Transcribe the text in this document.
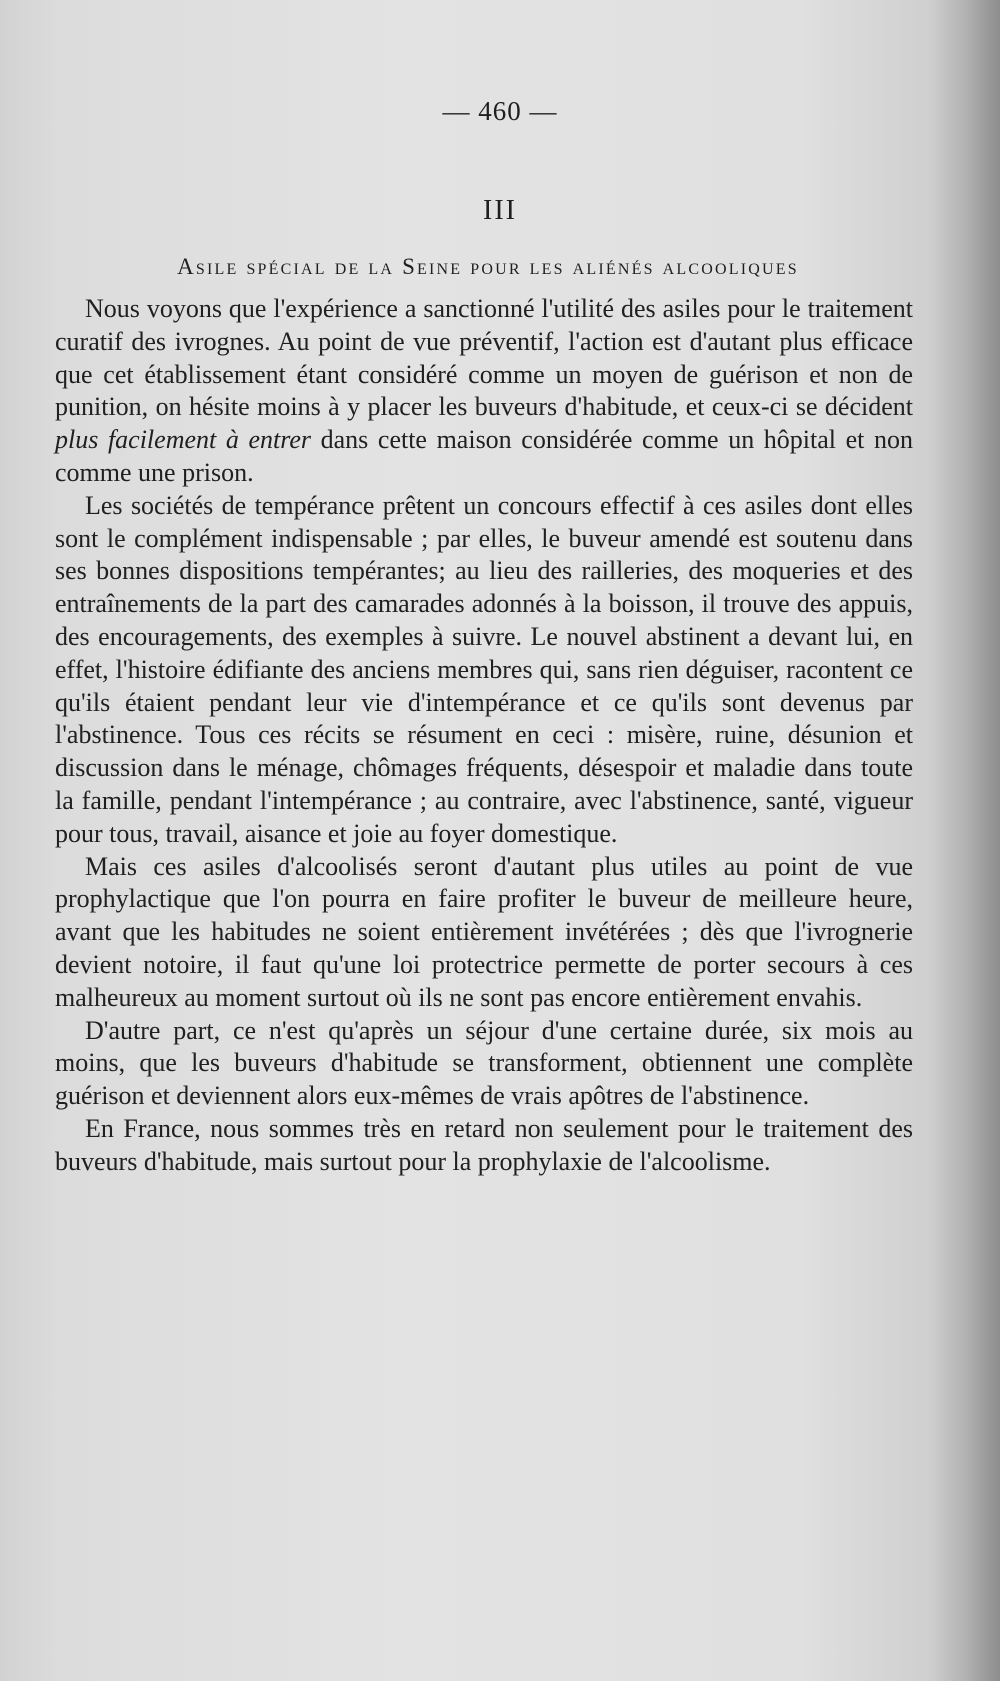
— 460 —
III
Asile spécial de la Seine pour les aliénés alcooliques

Nous voyons que l'expérience a sanctionné l'utilité des asiles pour le traitement curatif des ivrognes. Au point de vue préventif, l'action est d'autant plus efficace que cet établissement étant considéré comme un moyen de guérison et non de punition, on hésite moins à y placer les buveurs d'habitude, et ceux-ci se décident plus facilement à entrer dans cette maison considérée comme un hôpital et non comme une prison.

Les sociétés de tempérance prêtent un concours effectif à ces asiles dont elles sont le complément indispensable ; par elles, le buveur amendé est soutenu dans ses bonnes dispositions tempérantes; au lieu des railleries, des moqueries et des entraînements de la part des camarades adonnés à la boisson, il trouve des appuis, des encouragements, des exemples à suivre. Le nouvel abstinent a devant lui, en effet, l'histoire édifiante des anciens membres qui, sans rien déguiser, racontent ce qu'ils étaient pendant leur vie d'intempérance et ce qu'ils sont devenus par l'abstinence. Tous ces récits se résument en ceci : misère, ruine, désunion et discussion dans le ménage, chômages fréquents, désespoir et maladie dans toute la famille, pendant l'intempérance ; au contraire, avec l'abstinence, santé, vigueur pour tous, travail, aisance et joie au foyer domestique.

Mais ces asiles d'alcoolisés seront d'autant plus utiles au point de vue prophylactique que l'on pourra en faire profiter le buveur de meilleure heure, avant que les habitudes ne soient entièrement invétérées ; dès que l'ivrognerie devient notoire, il faut qu'une loi protectrice permette de porter secours à ces malheureux au moment surtout où ils ne sont pas encore entièrement envahis.

D'autre part, ce n'est qu'après un séjour d'une certaine durée, six mois au moins, que les buveurs d'habitude se transforment, obtiennent une complète guérison et deviennent alors eux-mêmes de vrais apôtres de l'abstinence.

En France, nous sommes très en retard non seulement pour le traitement des buveurs d'habitude, mais surtout pour la prophylaxie de l'alcoolisme.
